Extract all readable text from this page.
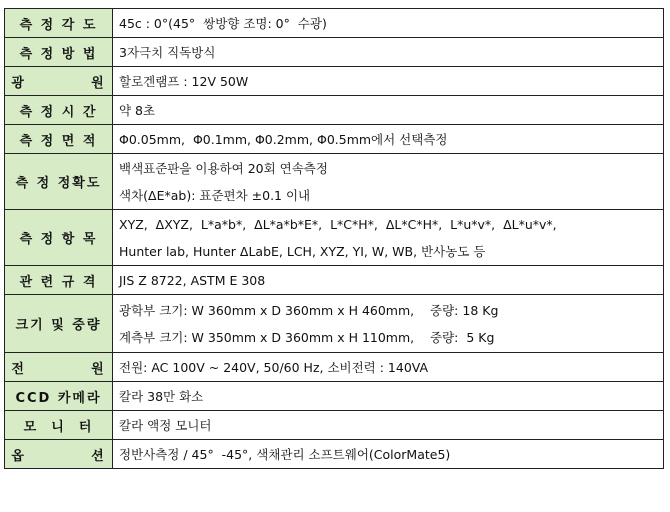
측 정 각 도	45c : 0°(45°  쌍방향 조명: 0°  수광)

측 정 방 법	3자극치 직독방식

광          원	할로겐램프 : 12V 50W

측 정 시 간	약 8초

측 정 면 적	Φ0.05mm,  Φ0.1mm, Φ0.2mm, Φ0.5mm에서 선택측정

측 정 정확도	백색표준판을 이용하여 20회 연속측정
색차(ΔE*ab): 표준편차 ±0.1 이내

측 정 항 목	XYZ,  ΔXYZ,  L*a*b*,  ΔL*a*b*E*,  L*C*H*,  ΔL*C*H*,  L*u*v*,  ΔL*u*v*,
Hunter lab, Hunter ΔLabE, LCH, XYZ, YI, W, WB, 반사농도 등

관 련 규 격	JIS Z 8722, ASTM E 308

크기 및 중량	광학부 크기: W 360mm x D 360mm x H 460mm,    중량: 18 Kg
계측부 크기: W 350mm x D 360mm x H 110mm,    중량:  5 Kg

전          원	전원: AC 100V ~ 240V, 50/60 Hz, 소비전력 : 140VA

CCD 카메라	칼라 38만 화소

모  니  터	칼라 액정 모니터

옵          션	정반사측정 / 45°  -45°, 색채관리 소프트웨어(ColorMate5)
